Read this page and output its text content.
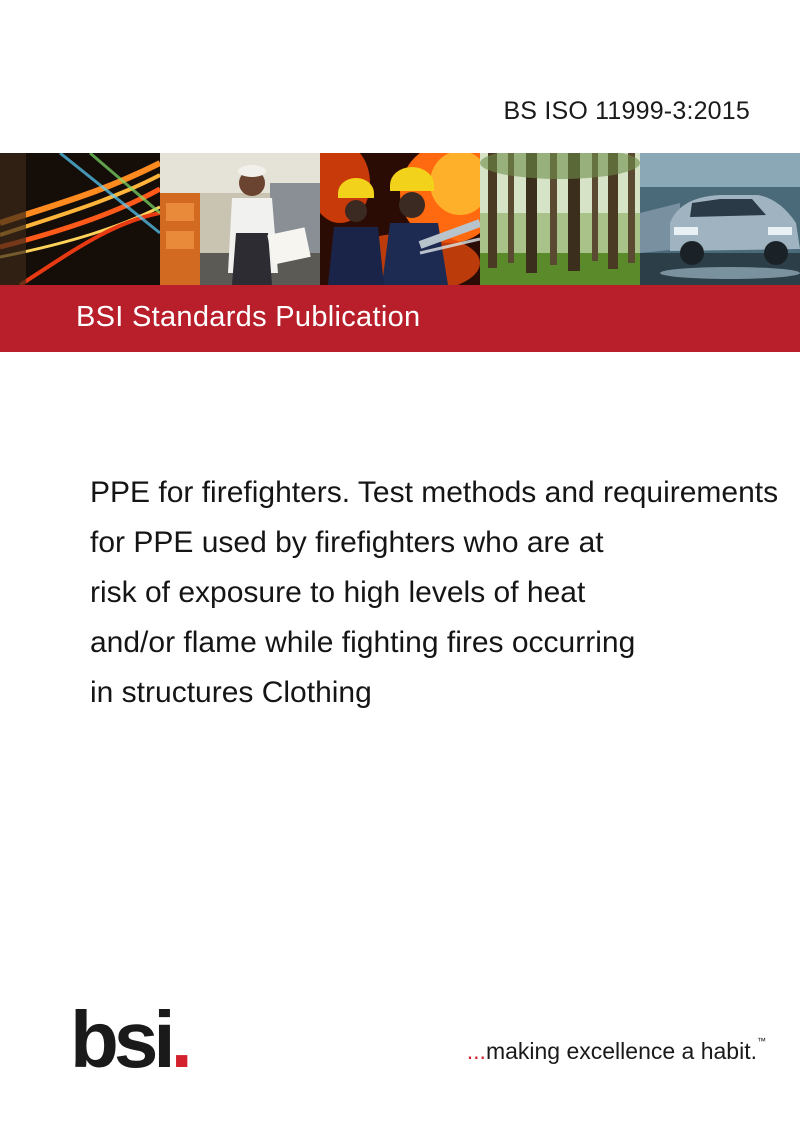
BS ISO 11999-3:2015
BSI Standards Publication
PPE for firefighters. Test methods and requirements
for PPE used by firefighters who are at
risk of exposure to high levels of heat
and/or flame while fighting fires occurring
in structures Clothing
bsi.	...making excellence a habit.™
